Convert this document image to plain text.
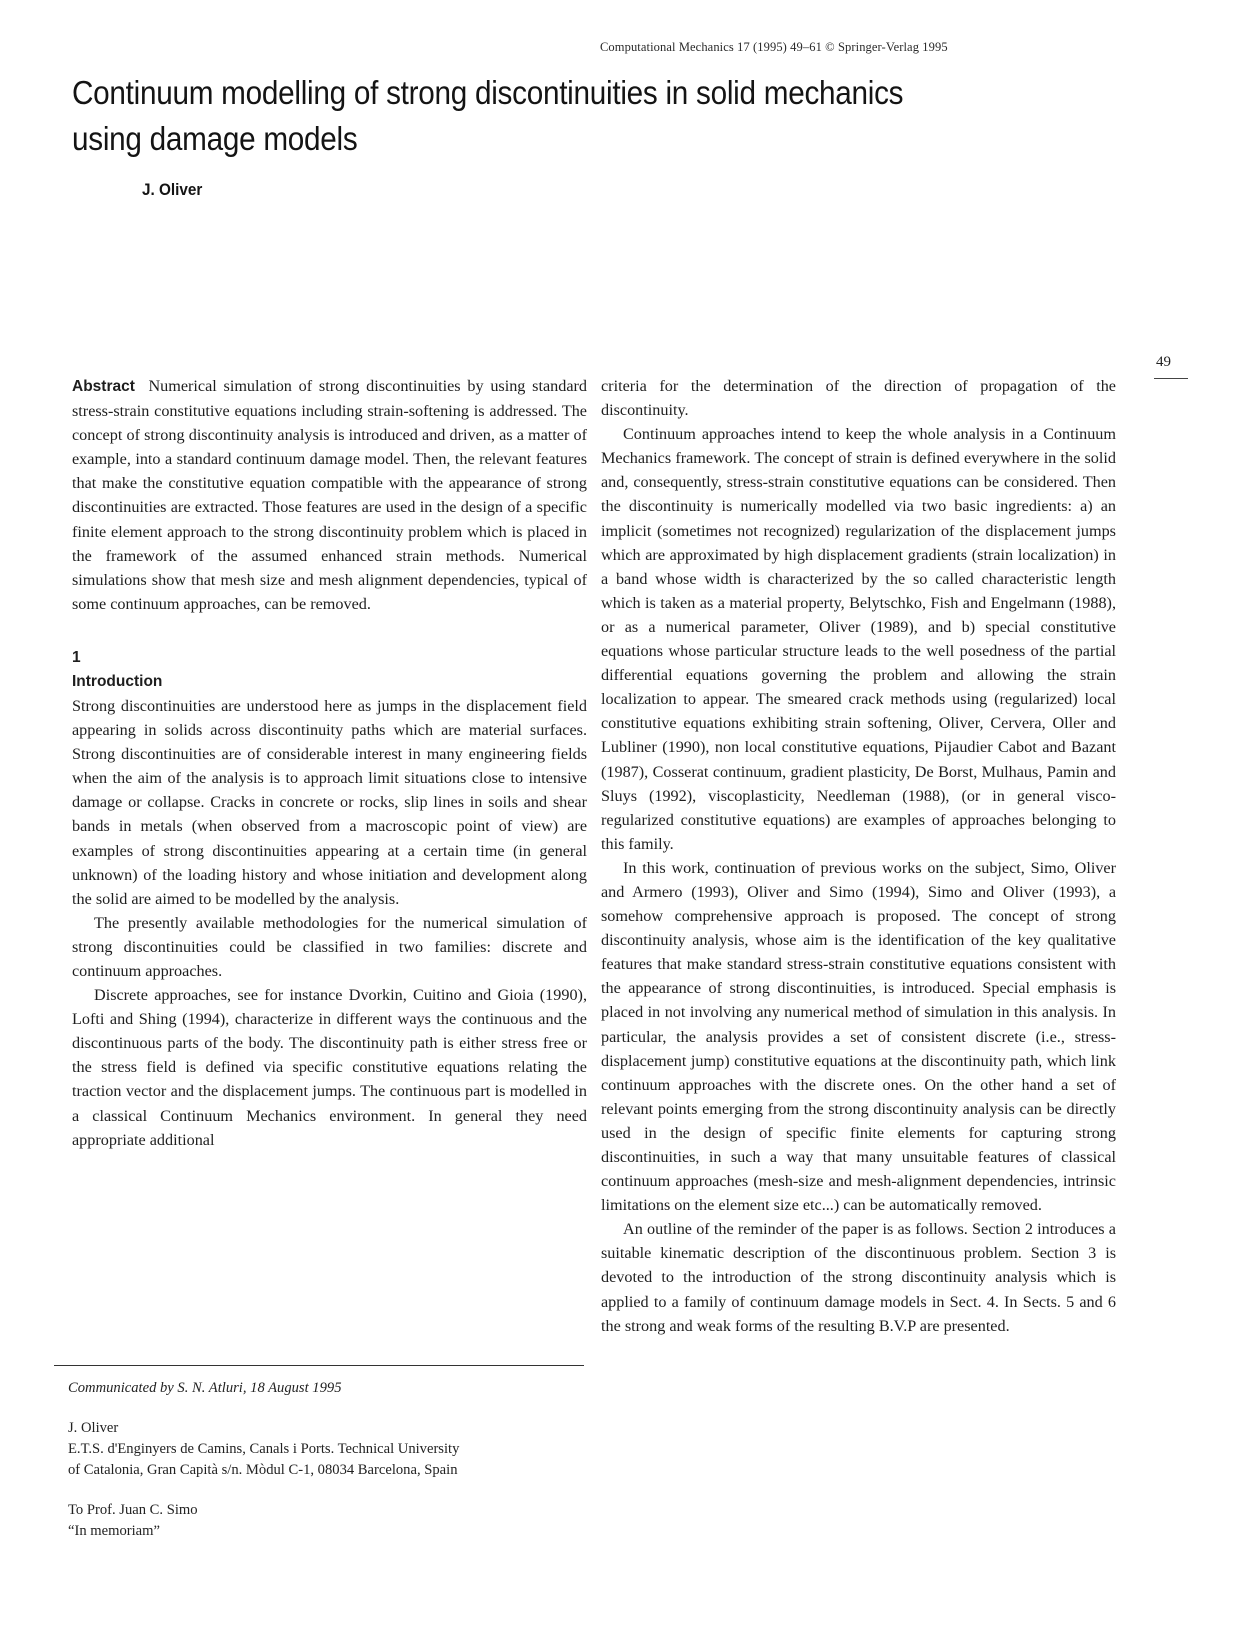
Computational Mechanics 17 (1995) 49–61 © Springer-Verlag 1995
Continuum modelling of strong discontinuities in solid mechanics using damage models
J. Oliver
49

Abstract Numerical simulation of strong discontinuities by using standard stress-strain constitutive equations including strain-softening is addressed. The concept of strong discontinuity analysis is introduced and driven, as a matter of example, into a standard continuum damage model. Then, the relevant features that make the constitutive equation compatible with the appearance of strong discontinuities are extracted. Those features are used in the design of a specific finite element approach to the strong discontinuity problem which is placed in the framework of the assumed enhanced strain methods. Numerical simulations show that mesh size and mesh alignment dependencies, typical of some continuum approaches, can be removed.

1
Introduction

Strong discontinuities are understood here as jumps in the displacement field appearing in solids across discontinuity paths which are material surfaces. Strong discontinuities are of considerable interest in many engineering fields when the aim of the analysis is to approach limit situations close to intensive damage or collapse. Cracks in concrete or rocks, slip lines in soils and shear bands in metals (when observed from a macroscopic point of view) are examples of strong discontinuities appearing at a certain time (in general unknown) of the loading history and whose initiation and development along the solid are aimed to be modelled by the analysis.

The presently available methodologies for the numerical simulation of strong discontinuities could be classified in two families: discrete and continuum approaches.

Discrete approaches, see for instance Dvorkin, Cuitino and Gioia (1990), Lofti and Shing (1994), characterize in different ways the continuous and the discontinuous parts of the body. The discontinuity path is either stress free or the stress field is defined via specific constitutive equations relating the traction vector and the displacement jumps. The continuous part is modelled in a classical Continuum Mechanics environment. In general they need appropriate additional

criteria for the determination of the direction of propagation of the discontinuity.

Continuum approaches intend to keep the whole analysis in a Continuum Mechanics framework. The concept of strain is defined everywhere in the solid and, consequently, stress-strain constitutive equations can be considered. Then the discontinuity is numerically modelled via two basic ingredients: a) an implicit (sometimes not recognized) regularization of the displacement jumps which are approximated by high displacement gradients (strain localization) in a band whose width is characterized by the so called characteristic length which is taken as a material property, Belytschko, Fish and Engelmann (1988), or as a numerical parameter, Oliver (1989), and b) special constitutive equations whose particular structure leads to the well posedness of the partial differential equations governing the problem and allowing the strain localization to appear. The smeared crack methods using (regularized) local constitutive equations exhibiting strain softening, Oliver, Cervera, Oller and Lubliner (1990), non local constitutive equations, Pijaudier Cabot and Bazant (1987), Cosserat continuum, gradient plasticity, De Borst, Mulhaus, Pamin and Sluys (1992), viscoplasticity, Needleman (1988), (or in general visco-regularized constitutive equations) are examples of approaches belonging to this family.

In this work, continuation of previous works on the subject, Simo, Oliver and Armero (1993), Oliver and Simo (1994), Simo and Oliver (1993), a somehow comprehensive approach is proposed. The concept of strong discontinuity analysis, whose aim is the identification of the key qualitative features that make standard stress-strain constitutive equations consistent with the appearance of strong discontinuities, is introduced. Special emphasis is placed in not involving any numerical method of simulation in this analysis. In particular, the analysis provides a set of consistent discrete (i.e., stress-displacement jump) constitutive equations at the discontinuity path, which link continuum approaches with the discrete ones. On the other hand a set of relevant points emerging from the strong discontinuity analysis can be directly used in the design of specific finite elements for capturing strong discontinuities, in such a way that many unsuitable features of classical continuum approaches (mesh-size and mesh-alignment dependencies, intrinsic limitations on the element size etc...) can be automatically removed.

An outline of the reminder of the paper is as follows. Section 2 introduces a suitable kinematic description of the discontinuous problem. Section 3 is devoted to the introduction of the strong discontinuity analysis which is applied to a family of continuum damage models in Sect. 4. In Sects. 5 and 6 the strong and weak forms of the resulting B.V.P are presented.

Communicated by S. N. Atluri, 18 August 1995

J. Oliver

E.T.S. d'Enginyers de Camins, Canals i Ports. Technical University

of Catalonia, Gran Capità s/n. Mòdul C-1, 08034 Barcelona, Spain

To Prof. Juan C. Simo

“In memoriam”
